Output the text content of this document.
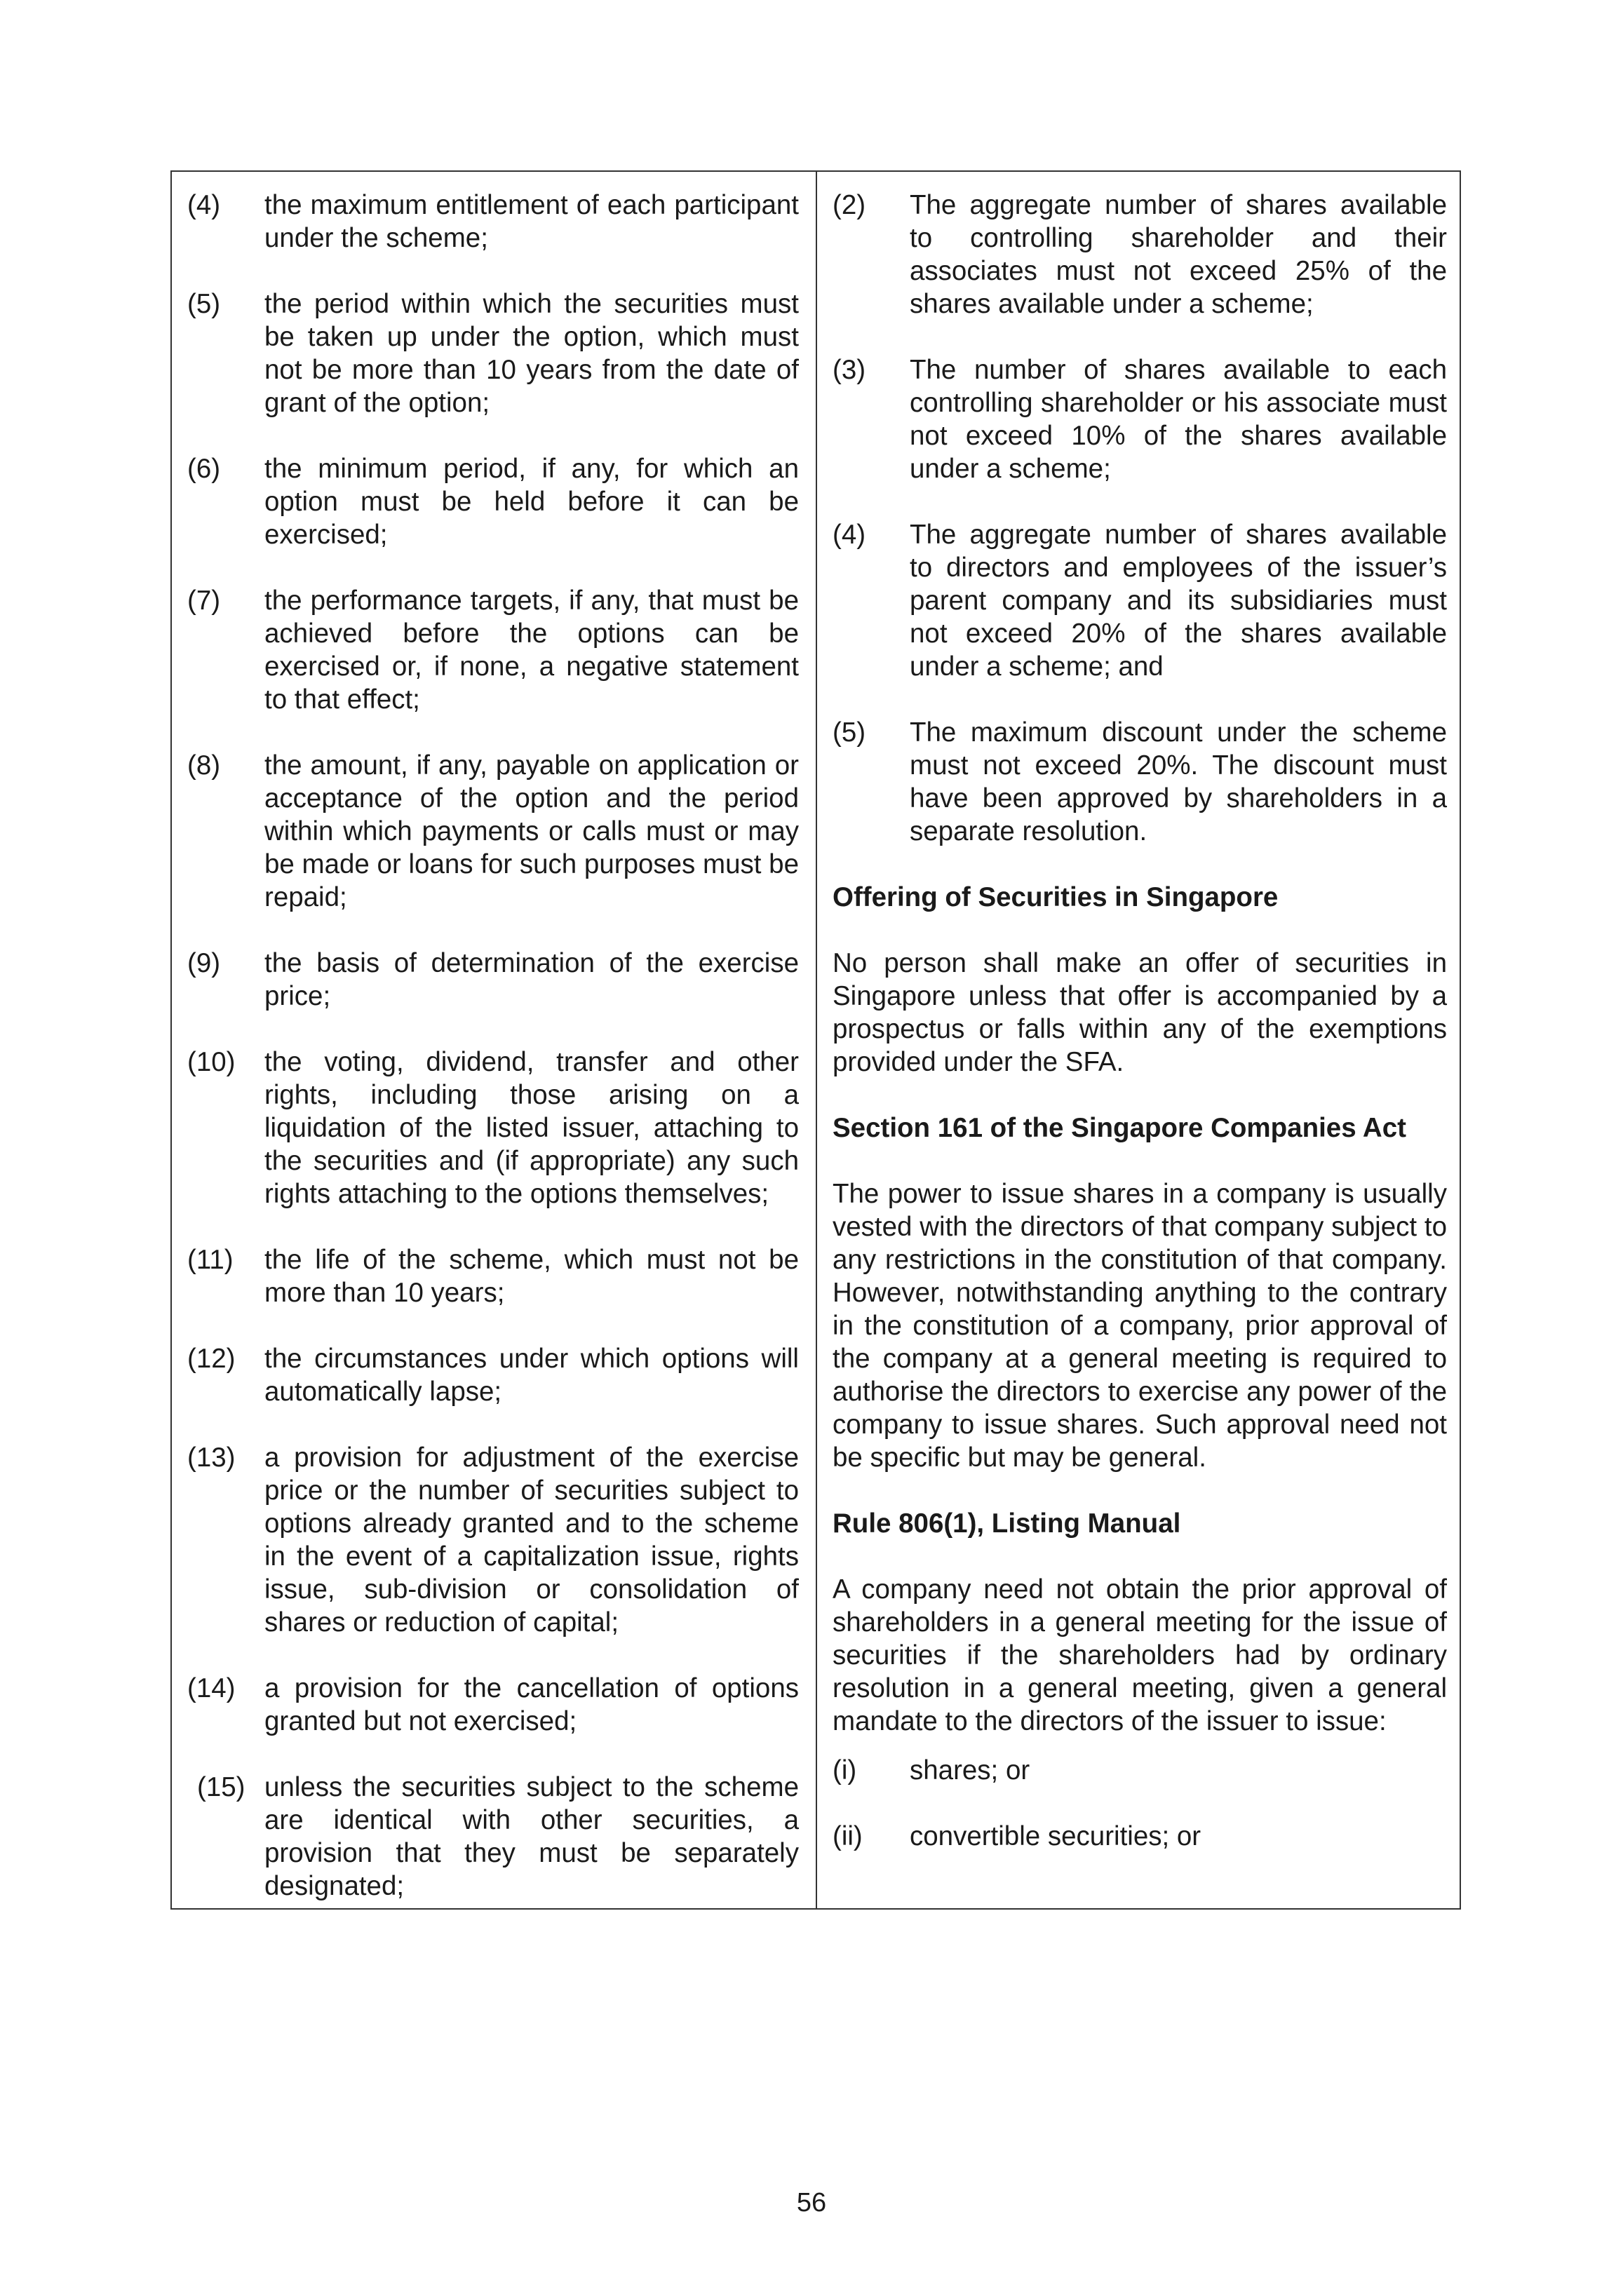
(4)	the maximum entitlement of each participant under the scheme;
(5)	the period within which the securities must be taken up under the option, which must not be more than 10 years from the date of grant of the option;
(6)	the minimum period, if any, for which an option must be held before it can be exercised;
(7)	the performance targets, if any, that must be achieved before the options can be exercised or, if none, a negative statement to that effect;
(8)	the amount, if any, payable on application or acceptance of the option and the period within which payments or calls must or may be made or loans for such purposes must be repaid;
(9)	the basis of determination of the exercise price;
(10)	the voting, dividend, transfer and other rights, including those arising on a liquidation of the listed issuer, attaching to the securities and (if appropriate) any such rights attaching to the options themselves;
(11)	the life of the scheme, which must not be more than 10 years;
(12)	the circumstances under which options will automatically lapse;
(13)	a provision for adjustment of the exercise price or the number of securities subject to options already granted and to the scheme in the event of a capitalization issue, rights issue, sub-division or consolidation of shares or reduction of capital;
(14)	a provision for the cancellation of options granted but not exercised;
(15) unless the securities subject to the scheme are identical with other securities, a provision that they must be separately designated;
(2)	The aggregate number of shares available to controlling shareholder and their associates must not exceed 25% of the shares available under a scheme;
(3)	The number of shares available to each controlling shareholder or his associate must not exceed 10% of the shares available under a scheme;
(4)	The aggregate number of shares available to directors and employees of the issuer’s parent company and its subsidiaries must not exceed 20% of the shares available under a scheme; and
(5)	The maximum discount under the scheme must not exceed 20%. The discount must have been approved by shareholders in a separate resolution.
Offering of Securities in Singapore
No person shall make an offer of securities in Singapore unless that offer is accompanied by a prospectus or falls within any of the exemptions provided under the SFA.
Section 161 of the Singapore Companies Act
The power to issue shares in a company is usually vested with the directors of that company subject to any restrictions in the constitution of that company. However, notwithstanding anything to the contrary in the constitution of a company, prior approval of the company at a general meeting is required to authorise the directors to exercise any power of the company to issue shares. Such approval need not be specific but may be general.
Rule 806(1), Listing Manual
A company need not obtain the prior approval of shareholders in a general meeting for the issue of securities if the shareholders had by ordinary resolution in a general meeting, given a general mandate to the directors of the issuer to issue:
(i)	shares; or
(ii)	convertible securities; or
56
